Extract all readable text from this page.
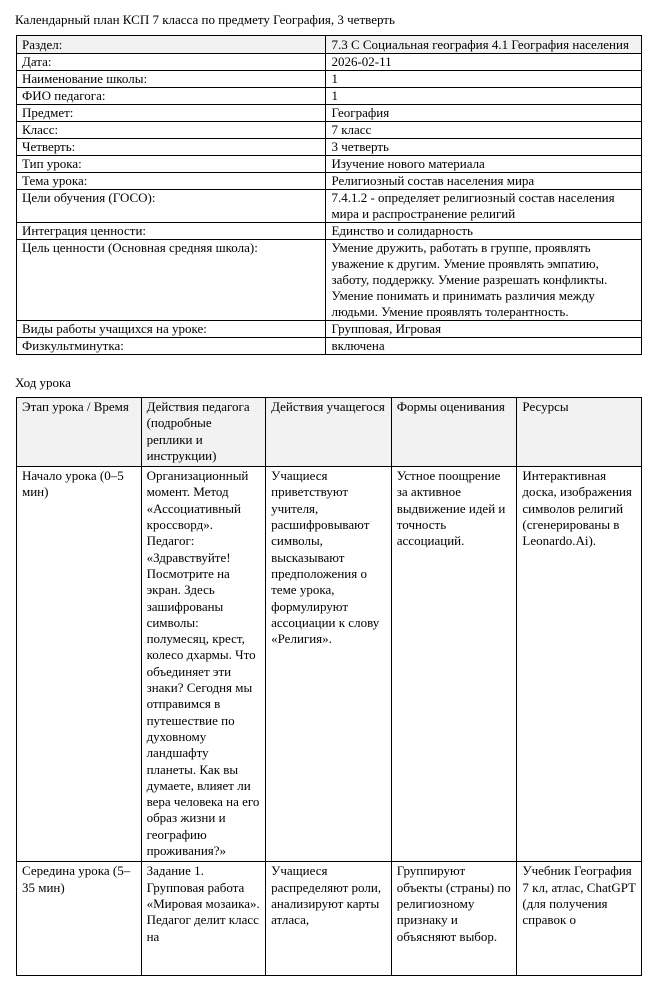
Календарный план КСП 7 класса по предмету География, 3 четверть
Раздел:	7.3 С Социальная география 4.1 География населения
Дата:	2026-02-11
Наименование школы:	1
ФИО педагога:	1
Предмет:	География
Класс:	7 класс
Четверть:	3 четверть
Тип урока:	Изучение нового материала
Тема урока:	Религиозный состав населения мира
Цели обучения (ГОСО):	7.4.1.2 - определяет религиозный состав населения мира и распространение религий
Интеграция ценности:	Единство и солидарность
Цель ценности (Основная средняя школа):	Умение дружить, работать в группе, проявлять уважение к другим. Умение проявлять эмпатию, заботу, поддержку. Умение разрешать конфликты. Умение понимать и принимать различия между людьми. Умение проявлять толерантность.
Виды работы учащихся на уроке:	Групповая, Игровая
Физкультминутка:	включена
Ход урока
Этап урока / Время	Действия педагога (подробные реплики и инструкции)	Действия учащегося	Формы оценивания	Ресурсы
Начало урока (0–5 мин)	Организационный момент. Метод «Ассоциативный кроссворд». Педагог: «Здравствуйте! Посмотрите на экран. Здесь зашифрованы символы: полумесяц, крест, колесо дхармы. Что объединяет эти знаки? Сегодня мы отправимся в путешествие по духовному ландшафту планеты. Как вы думаете, влияет ли вера человека на его образ жизни и географию проживания?»	Учащиеся приветствуют учителя, расшифровывают символы, высказывают предположения о теме урока, формулируют ассоциации к слову «Религия».	Устное поощрение за активное выдвижение идей и точность ассоциаций.	Интерактивная доска, изображения символов религий (сгенерированы в Leonardo.Ai).
Середина урока (5–35 мин)	Задание 1. Групповая работа «Мировая мозаика». Педагог делит класс на	Учащиеся распределяют роли, анализируют карты атласа,	Группируют объекты (страны) по религиозному признаку и объясняют выбор.	Учебник География 7 кл, атлас, ChatGPT (для получения справок о
